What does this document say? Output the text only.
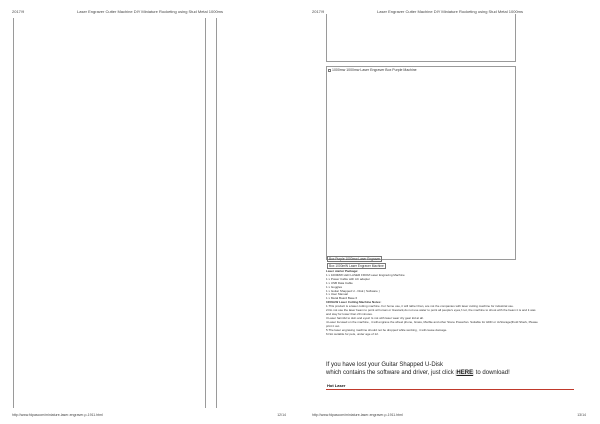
2017/9	Laser Engraver Cutter Machine DIY Miniature Rocketing using Stud Metal 1000ms
http://www.fdpascom/miniature-laser-engraver-p-1911.html	12/14
2017/9	Laser Engraver Cutter Machine DIY Miniature Rocketing using Stud Metal 1000ms
http://www.fdpascom/miniature-laser-engraver-p-1911.html	13/14
1000mw 1000mw Laser Engraver Box Purple Machine
Box Purple 1000mw Laser Engraver
Box 1000mW Laser Engraver Machine

Laser starter Package:

1 x 1000MW LED LASER FROM Laser Engraving Machine

1 x Power Cable with AC adapter

1 x USB Data Cable

1 x Goggles

1 x Guitar Shapped U - Disk ( Software )

1 x User Manual

1 x Metal Board Base 6

1000mW Laser Cutting Machine Notes:

1.This product is a laser cutting machine. For home use, it will rather than, are not the companies with laser cutting machine for industrial use.

2.Do not use the laser beam to point at human or livestock,do not use water to point all people's eyes,f not, the machine to shoot with the beam it is and it was

and stay for lower than 20 minutes.

3.Laser harmful to skin and eyes! Is not with laser wear dry gear kid at all.

4.Laser focused on the machine , it will engrave the wheel phone, Grass, Marble and other Stone Powerfan. Suitable for HDD or JuStorage(IFold Sherk, Please

print it out.

5.The laser engraving machine should not be dropped while working , it will cause damage.

6.Not suitable for pets, under age of 12.

If you have lost your Guitar Shapped U-Disk
which contains the software and driver, just click HERE to download!
Hot Laser
